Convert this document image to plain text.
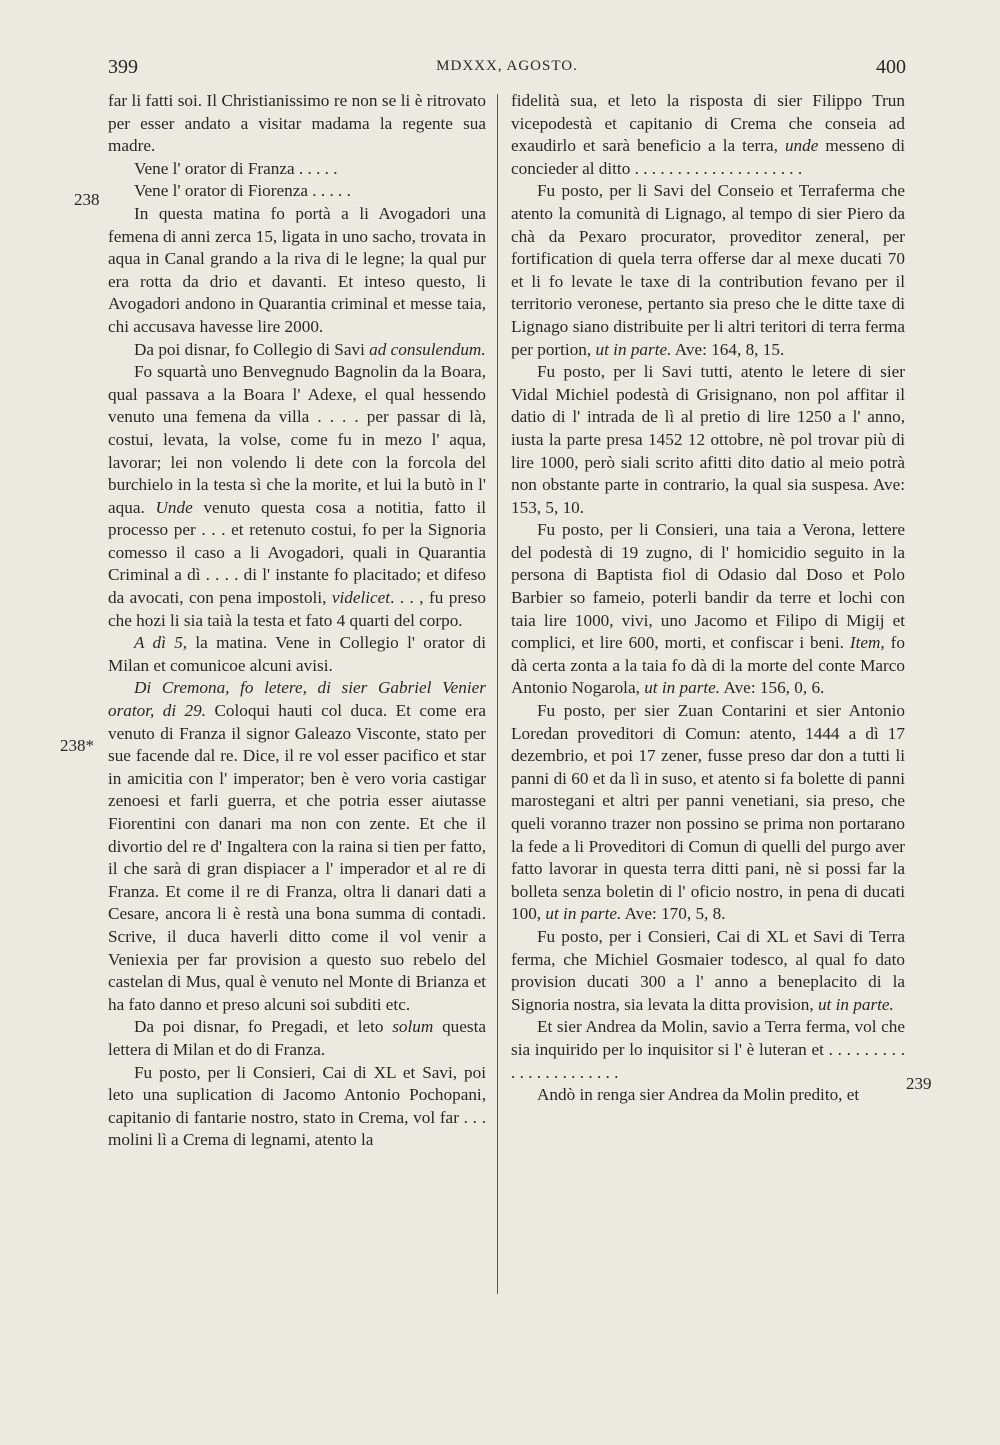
399	MDXXX, AGOSTO.	400
238
238*
239

far li fatti soi. Il Christianissimo re non se li è ritrovato per esser andato a visitar madama la regente sua madre.

Vene l' orator di Franza . . . . .

Vene l' orator di Fiorenza . . . . .

In questa matina fo portà a li Avogadori una femena di anni zerca 15, ligata in uno sacho, trovata in aqua in Canal grando a la riva di le legne; la qual pur era rotta da drio et davanti. Et inteso questo, li Avogadori andono in Quarantia criminal et messe taia, chi accusava havesse lire 2000.

Da poi disnar, fo Collegio di Savi ad consulendum.

Fo squartà uno Benvegnudo Bagnolin da la Boara, qual passava a la Boara l' Adexe, el qual hessendo venuto una femena da villa . . . . per passar di là, costui, levata, la volse, come fu in mezo l' aqua, lavorar; lei non volendo li dete con la forcola del burchielo in la testa sì che la morite, et lui la butò in l' aqua. Unde venuto questa cosa a notitia, fatto il processo per . . . et retenuto costui, fo per la Signoria comesso il caso a li Avogadori, quali in Quarantia Criminal a dì . . . . di l' instante fo placitado; et difeso da avocati, con pena impostoli, videlicet. . . , fu preso che hozi li sia taià la testa et fato 4 quarti del corpo.

A dì 5, la matina. Vene in Collegio l' orator di Milan et comunicoe alcuni avisi.

Di Cremona, fo letere, di sier Gabriel Venier orator, di 29. Coloqui hauti col duca. Et come era venuto di Franza il signor Galeazo Visconte, stato per sue facende dal re. Dice, il re vol esser pacifico et star in amicitia con l' imperator; ben è vero voria castigar zenoesi et farli guerra, et che potria esser aiutasse Fiorentini con danari ma non con zente. Et che il divortio del re d' Ingaltera con la raina si tien per fatto, il che sarà di gran dispiacer a l' imperador et al re di Franza. Et come il re di Franza, oltra li danari dati a Cesare, ancora li è restà una bona summa di contadi. Scrive, il duca haverli ditto come il vol venir a Veniexia per far provision a questo suo rebelo del castelan di Mus, qual è venuto nel Monte di Brianza et ha fato danno et preso alcuni soi subditi etc.

Da poi disnar, fo Pregadi, et leto solum questa lettera di Milan et do di Franza.

Fu posto, per li Consieri, Cai di XL et Savi, poi leto una suplication di Jacomo Antonio Pochopani, capitanio di fantarie nostro, stato in Crema, vol far . . . molini lì a Crema di legnami, atento la

fidelità sua, et leto la risposta di sier Filippo Trun vicepodestà et capitanio di Crema che conseia ad exaudirlo et sarà beneficio a la terra, unde messeno di concieder al ditto . . . . . . . . . . . . . . . . . . . .

Fu posto, per li Savi del Conseio et Terraferma che atento la comunità di Lignago, al tempo di sier Piero da chà da Pexaro procurator, proveditor zeneral, per fortification di quela terra offerse dar al mexe ducati 70 et li fo levate le taxe di la contribution fevano per il territorio veronese, pertanto sia preso che le ditte taxe di Lignago siano distribuite per li altri teritori di terra ferma per portion, ut in parte. Ave: 164, 8, 15.

Fu posto, per li Savi tutti, atento le letere di sier Vidal Michiel podestà di Grisignano, non pol affitar il datio di l' intrada de lì al pretio di lire 1250 a l' anno, iusta la parte presa 1452 12 ottobre, nè pol trovar più di lire 1000, però siali scrito afitti dito datio al meio potrà non obstante parte in contrario, la qual sia suspesa. Ave: 153, 5, 10.

Fu posto, per li Consieri, una taia a Verona, lettere del podestà di 19 zugno, di l' homicidio seguito in la persona di Baptista fiol di Odasio dal Doso et Polo Barbier so fameio, poterli bandir da terre et lochi con taia lire 1000, vivi, uno Jacomo et Filipo di Migij et complici, et lire 600, morti, et confiscar i beni. Item, fo dà certa zonta a la taia fo dà di la morte del conte Marco Antonio Nogarola, ut in parte. Ave: 156, 0, 6.

Fu posto, per sier Zuan Contarini et sier Antonio Loredan proveditori di Comun: atento, 1444 a dì 17 dezembrio, et poi 17 zener, fusse preso dar don a tutti li panni di 60 et da lì in suso, et atento si fa bolette di panni marostegani et altri per panni venetiani, sia preso, che queli voranno trazer non possino se prima non portarano la fede a li Proveditori di Comun di quelli del purgo aver fatto lavorar in questa terra ditti pani, nè si possi far la bolleta senza boletin di l' oficio nostro, in pena di ducati 100, ut in parte. Ave: 170, 5, 8.

Fu posto, per i Consieri, Cai di XL et Savi di Terra ferma, che Michiel Gosmaier todesco, al qual fo dato provision ducati 300 a l' anno a beneplacito di la Signoria nostra, sia levata la ditta provision, ut in parte.

Et sier Andrea da Molin, savio a Terra ferma, vol che sia inquirido per lo inquisitor si l' è luteran et . . . . . . . . . . . . . . . . . . . . . .

Andò in renga sier Andrea da Molin predito, et
